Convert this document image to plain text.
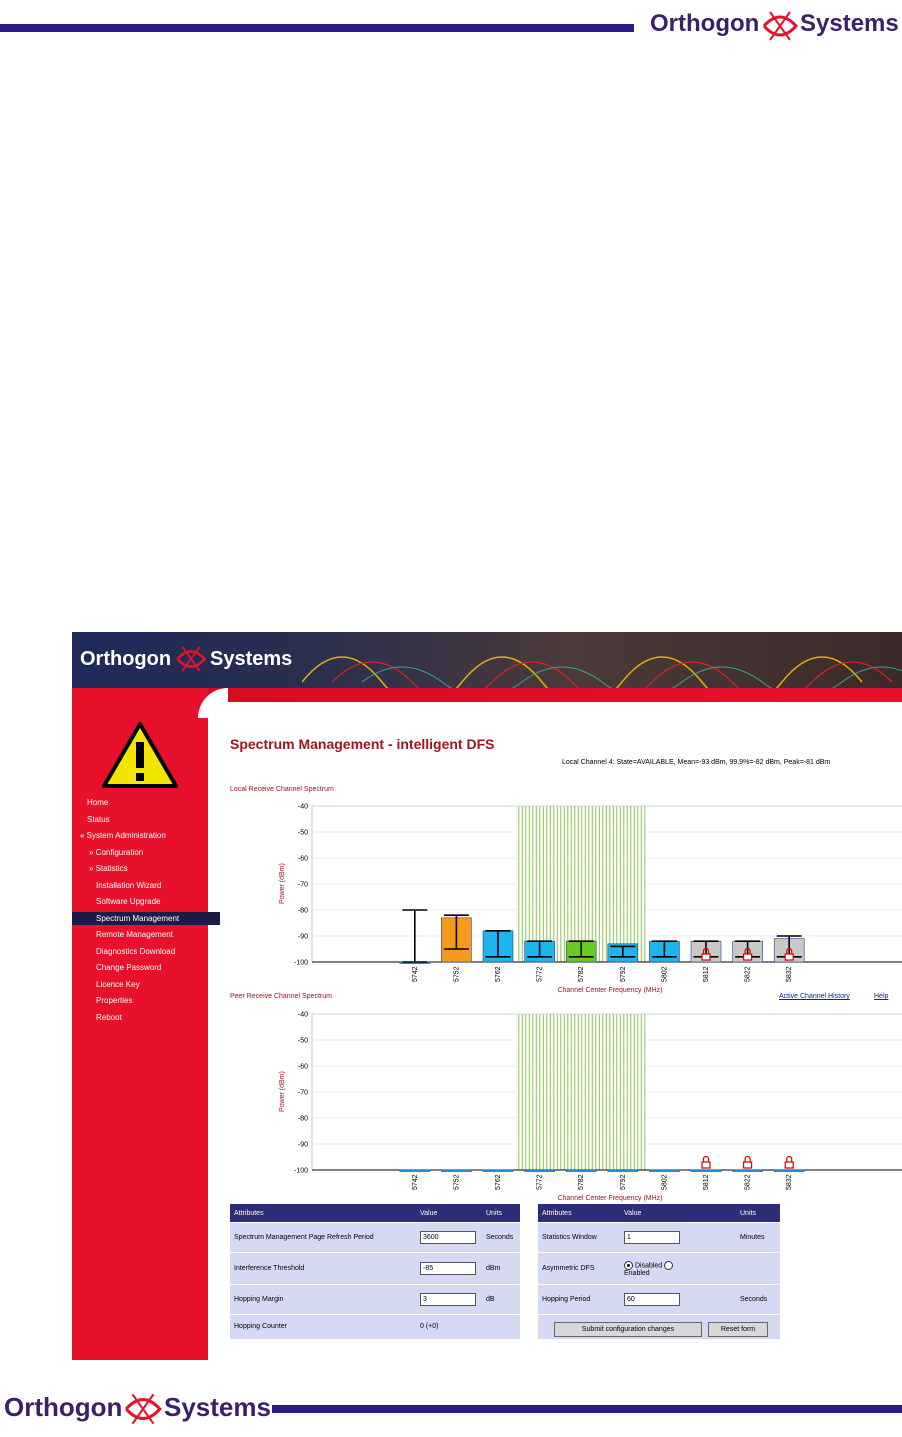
Orthogon Systems
Orthogon Systems
Home
Status
« System Administration
» Configuration
» Statistics
Installation Wizard
Software Upgrade
Spectrum Management
Remote Management
Diagnostics Download
Change Password
Licence Key
Properties
Reboot
Spectrum Management - intelligent DFS
Local Channel 4: State=AVAILABLE, Mean=-93 dBm, 99.9%=-82 dBm, Peak=-81 dBm
Local Receive Channel Spectrum
Power (dBm)
-40
-50
-60
-70
-80
-90
-100
5742	5752	5762	5772	5782	5792	5802	5812	5822	5832
Channel Center Frequency (MHz)
Peer Receive Channel Spectrum	Active Channel History	Help
Power (dBm)
-40
-50
-60
-70
-80
-90
-100
5742	5752	5762	5772	5782	5792	5802	5812	5822	5832
Channel Center Frequency (MHz)
Attributes	Value	Units
Spectrum Management Page Refresh Period	3600	Seconds
Interference Threshold	-85	dBm
Hopping Margin	3	dB
Hopping Counter	0 (+0)	
Attributes	Value	Units
Statistics Window	1	Minutes
Asymmetric DFS	Disabled
Enabled	
Hopping Period	60	Seconds

Submit configuration changes	Reset form
Orthogon Systems
